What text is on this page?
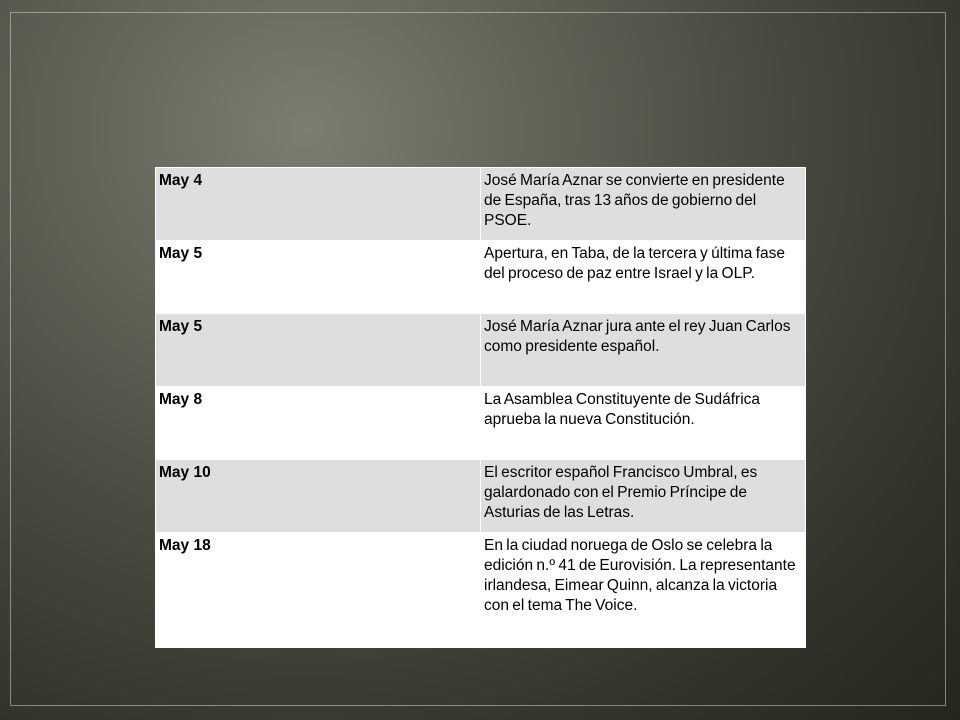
May 4	José María Aznar se convierte en presidente de España, tras 13 años de gobierno del PSOE.
May 5	Apertura, en Taba, de la tercera y última fase del proceso de paz entre Israel y la OLP.
May 5	José María Aznar jura ante el rey Juan Carlos como presidente español.
May 8	La Asamblea Constituyente de Sudáfrica aprueba la nueva Constitución.
May 10	El escritor español Francisco Umbral, es galardonado con el Premio Príncipe de Asturias de las Letras.
May 18	En la ciudad noruega de Oslo se celebra la edición n.º 41 de Eurovisión. La representante irlandesa, Eimear Quinn, alcanza la victoria con el tema The Voice.
